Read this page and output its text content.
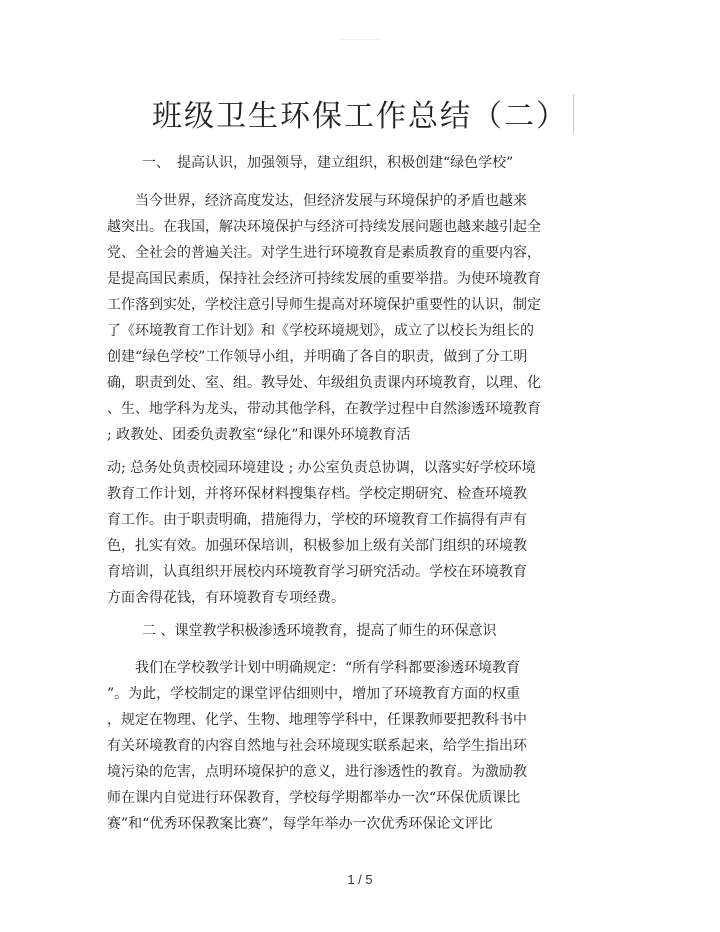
………………………………
班级卫生环保工作总结（二）
一、　提高认识，加强领导，建立组织，积极创建“绿色学校”
　　当今世界，经济高度发达，但经济发展与环境保护的矛盾也越来
越突出。在我国，解决环境保护与经济可持续发展问题也越来越引起全
党、全社会的普遍关注。对学生进行环境教育是素质教育的重要内容，
是提高国民素质，保持社会经济可持续发展的重要举措。为使环境教育
工作落到实处，学校注意引导师生提高对环境保护重要性的认识，制定
了《环境教育工作计划》和《学校环境规划》，成立了以校长为组长的
创建“绿色学校”工作领导小组，并明确了各自的职责，做到了分工明
确，职责到处、室、组。教导处、年级组负责课内环境教育，以理、化
、生、地学科为龙头，带动其他学科，在教学过程中自然渗透环境教育
; 政教处、团委负责教室“绿化”和课外环境教育活
动; 总务处负责校园环境建设 ; 办公室负责总协调，以落实好学校环境
教育工作计划，并将环保材料搜集存档。学校定期研究、检查环境教
育工作。由于职责明确，措施得力，学校的环境教育工作搞得有声有
色，扎实有效。加强环保培训，积极参加上级有关部门组织的环境教
育培训，认真组织开展校内环境教育学习研究活动。学校在环境教育
方面舍得花钱，有环境教育专项经费。
二 、课堂教学积极渗透环境教育，提高了师生的环保意识
　　我们在学校教学计划中明确规定：“所有学科都要渗透环境教育
”。为此，学校制定的课堂评估细则中，增加了环境教育方面的权重
，规定在物理、化学、生物、地理等学科中，任课教师要把教科书中
有关环境教育的内容自然地与社会环境现实联系起来，给学生指出环
境污染的危害，点明环境保护的意义，进行渗透性的教育。为激励教
师在课内自觉进行环保教育，学校每学期都举办一次“环保优质课比
赛”和“优秀环保教案比赛”，每学年举办一次优秀环保论文评比
1 / 5
